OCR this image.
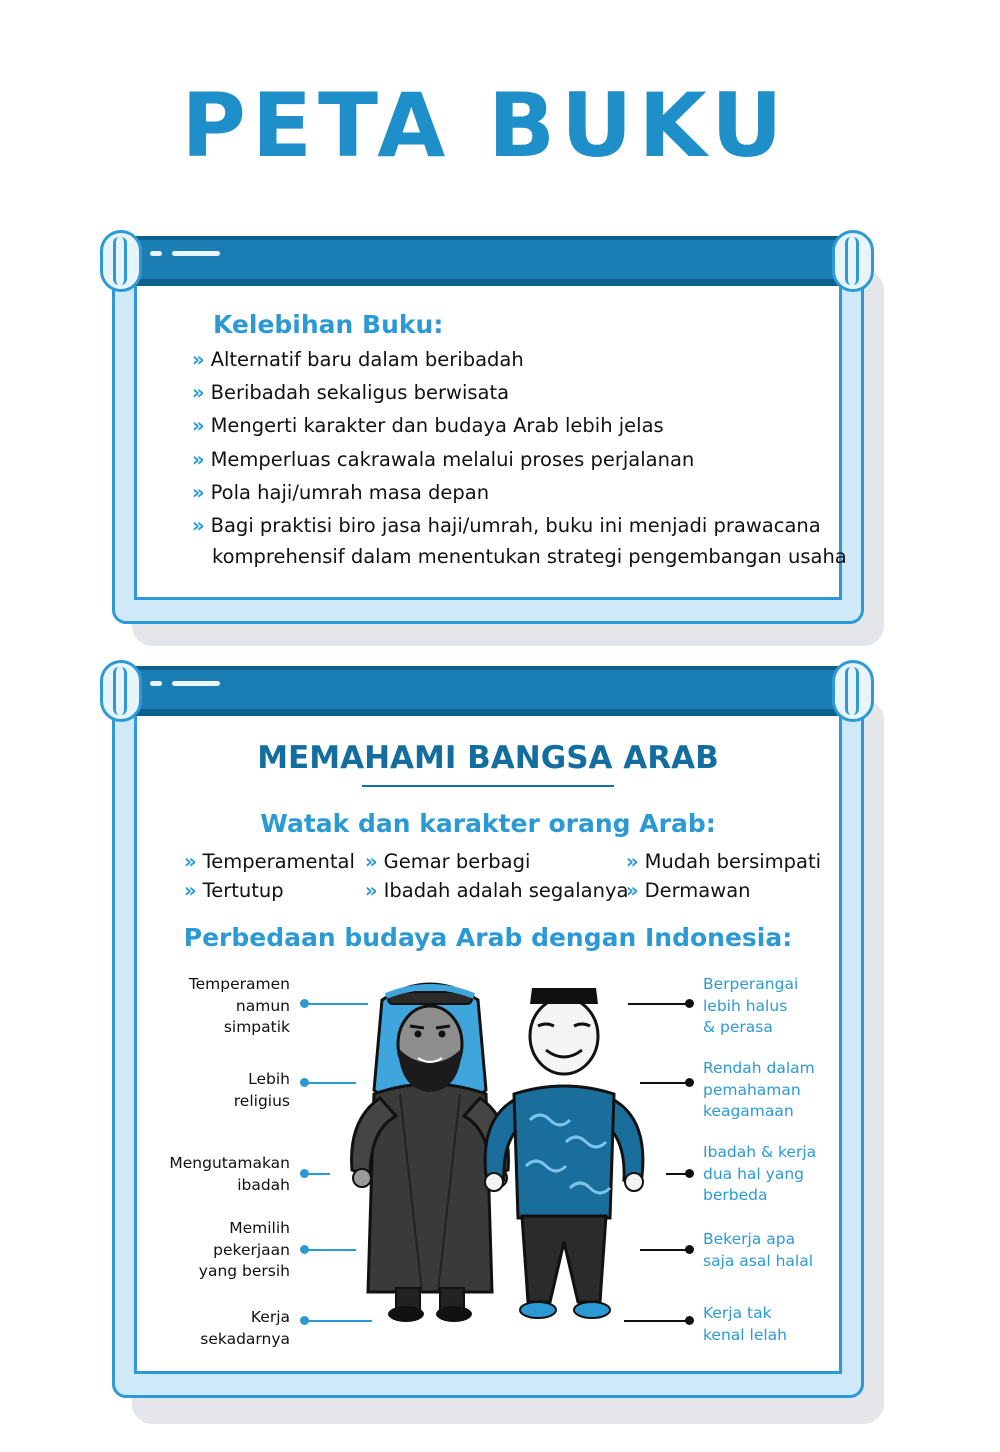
PETA BUKU
Kelebihan Buku:
» Alternatif baru dalam beribadah
» Beribadah sekaligus berwisata
» Mengerti karakter dan budaya Arab lebih jelas
» Memperluas cakrawala melalui proses perjalanan
» Pola haji/umrah masa depan
» Bagi praktisi biro jasa haji/umrah, buku ini menjadi prawacana
komprehensif dalam menentukan strategi pengembangan usaha
MEMAHAMI BANGSA ARAB
Watak dan karakter orang Arab:
» Temperamental » Gemar berbagi	» Mudah bersimpati
» Tertutup	» Ibadah adalah segalanya
» Dermawan
Perbedaan budaya Arab dengan Indonesia:
Temperamen
namun
simpatik
Lebih
religius
Mengutamakan
ibadah
Memilih
pekerjaan
yang bersih
Kerja
sekadarnya
Berperangai
lebih halus
& perasa
Rendah dalam
pemahaman
keagamaan
Ibadah & kerja
dua hal yang
berbeda
Bekerja apa
saja asal halal
Kerja tak
kenal lelah
